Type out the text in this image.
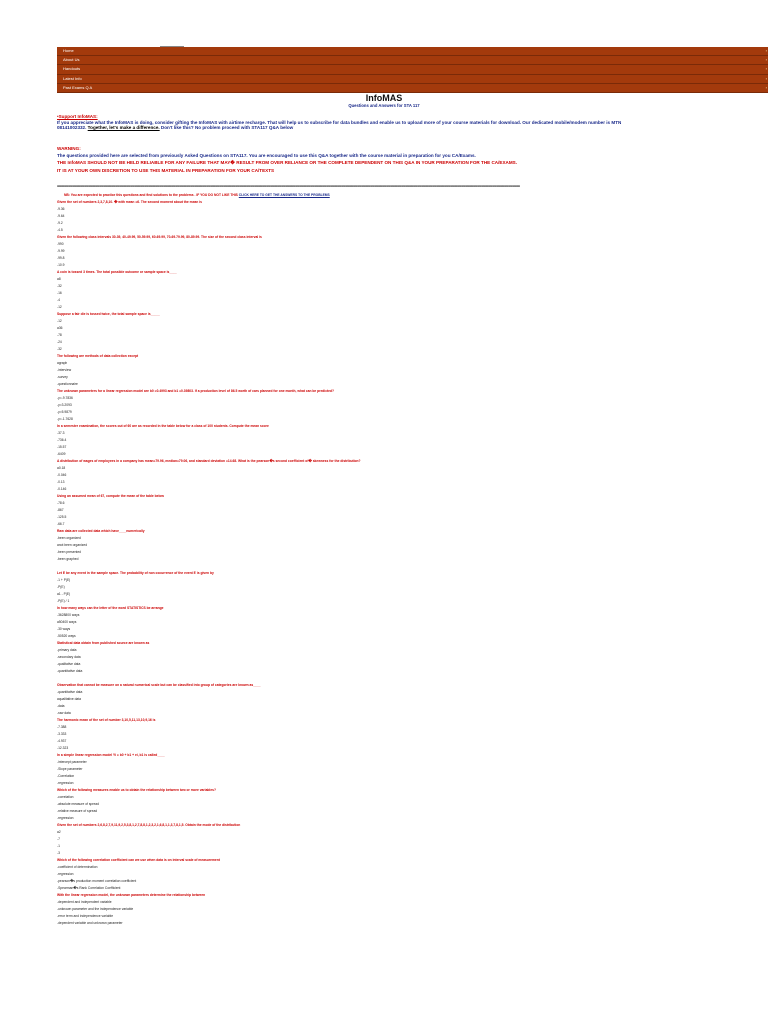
Home	›
About Us	›
Handouts	›
Latest Info	›
Past Exams Q A	›
InfoMAS
Questions and Answers for STA 117
•Support InfoMAS:
If you appreciate what the InfoMAS is doing, consider gifting the InfoMAS with airtime recharge. That will help us to subscribe for data bundles and enable us to upload more of your course materials for download. Our dedicated mobile/modem number is MTN
08141002332. Together, let's make a difference. Don't like this? No problem proceed with STA117 Q&A below
WARNING:
The questions provided here are selected from previously Asked Questions on STA117. You are encouraged to use this Q&A together with the course material in preparation for you CA/Exams.
THE InfoMAS SHOULD NOT BE HELD RELIABLE FOR ANY FAILURE THAT MAY� RESULT FROM OVER RELIANCE OR THE COMPLETE DEPENDENT ON THIS Q&A IN YOUR PREPARATION FOR THE CA/EXAMS.
IT IS AT YOUR OWN DISCRETION TO USE THIS MATERIAL IN PREPARATION FOR YOUR CA/TEXTS
===============================================================================================================================================================================================================================================
NB: You are expected to practice this questions and find solutions to the problems . IF YOU DO NOT LIKE THIS CLICK HERE TO GET THE ANSWERS TO THE PROBLEMS
Given the set of numbers 2,3,7,8,10. � with mean =6. The second moment about the mean is
-9.36
-9.64
-9.2
-4.5
Given the following class intervals 30-39, 40-49.99, 50-59.99, 60-69.99, 70-69.79.99, 80-89.99. The size of the second class interval is
-990
-9.99
-99.8
-10.9
A coin is tossed 3 times. The total possible outcome or sample space is____
a8
-32
-16
-4
-12
Suppose a fair die is tossed twice, the total sample space is_____
-12
a36
-78
-24
-32
The following are methods of data collection except
agraph
-interview
-survey
-questionnaire
The unknown parameters for a linear regression model are b0 =0.4993 and b1 =0.39803. If a production level of 86.5 worth of cars planned for one month, what can be predicted?
-y=-9.7836
-y=3.2093
-y=5.9879
-y=-1.7628
In a semester examination, the scores out of 60 are as recorded in the table below for a class of 100 students. Compute the mean score
-37.3
-736.4
-15.57
-6409
A distribution of wages of employees in a company has mean=79.96, median=79.06, and standard deviation =14.68. What is the pearson�s second coefficient of� skewness for the distribution?
a0.18
-0.046
-0.13
-0.146
Using an assumed mean of 67, compute the mean of the table below
-78.6
-867
-125.5
-66.7
Raw data are collected data which have____numerically
-been organized
anot been organized
-been presented
-been graphed
Let E be any event in the sample space. The probability of non occurrence of the event E is given by
-1 + P(E)
-P(E)
a1 - P(E)
-P(E) / 1
In how many ways can the letter of the word STATISTICS be arrange
-3628800 ways
a50400 ways
-30 ways
-50520 ways
Statistical data obtain from published source are known as
-primary data
-secondary data
-qualitative data
-quantitative data
Observation that cannot be measure on a natural numerical scale but can be classified into group of categories are known as____
-quantitative data
aqualitative data
-data
-raw data
The harmonic mean of the set of number 3,10,5,11,13,10,9,16 is
-7.388
-3.333
-4.937
-12.323
In a simple linear regression model Yi = b0 + b1 + ei, b1 is called____
-intercept parameter
-Slope parameter
-Correlation
-regression
Which of the following measures enable us to obtain the relationship between two or more variables?
-correlation
-absolute measure of spread
-relative measure of spread
-regression
Given the set of numbers 2,6,8,2,7,9,11,9,2,5,3,8,1,2,7,8,8,1,2,3,2,1,6,8,1,1,3,7,8,1,5. Obtain the mode of the distribution
a2
-7
-1
-3
Which of the following correlation coefficient can we use when data is on interval scale of measurement
-coefficient of determination
-regression
-pearson�s production moment correlation coefficient
-Spearman�s Rank Correlation Coefficient
With the linear regression model, the unknown parameters determine the relationship between
-dependent and independent variable
-unknown parameter and the independence variable
-error term and independence variable
-dependent variable and unknown parameter
